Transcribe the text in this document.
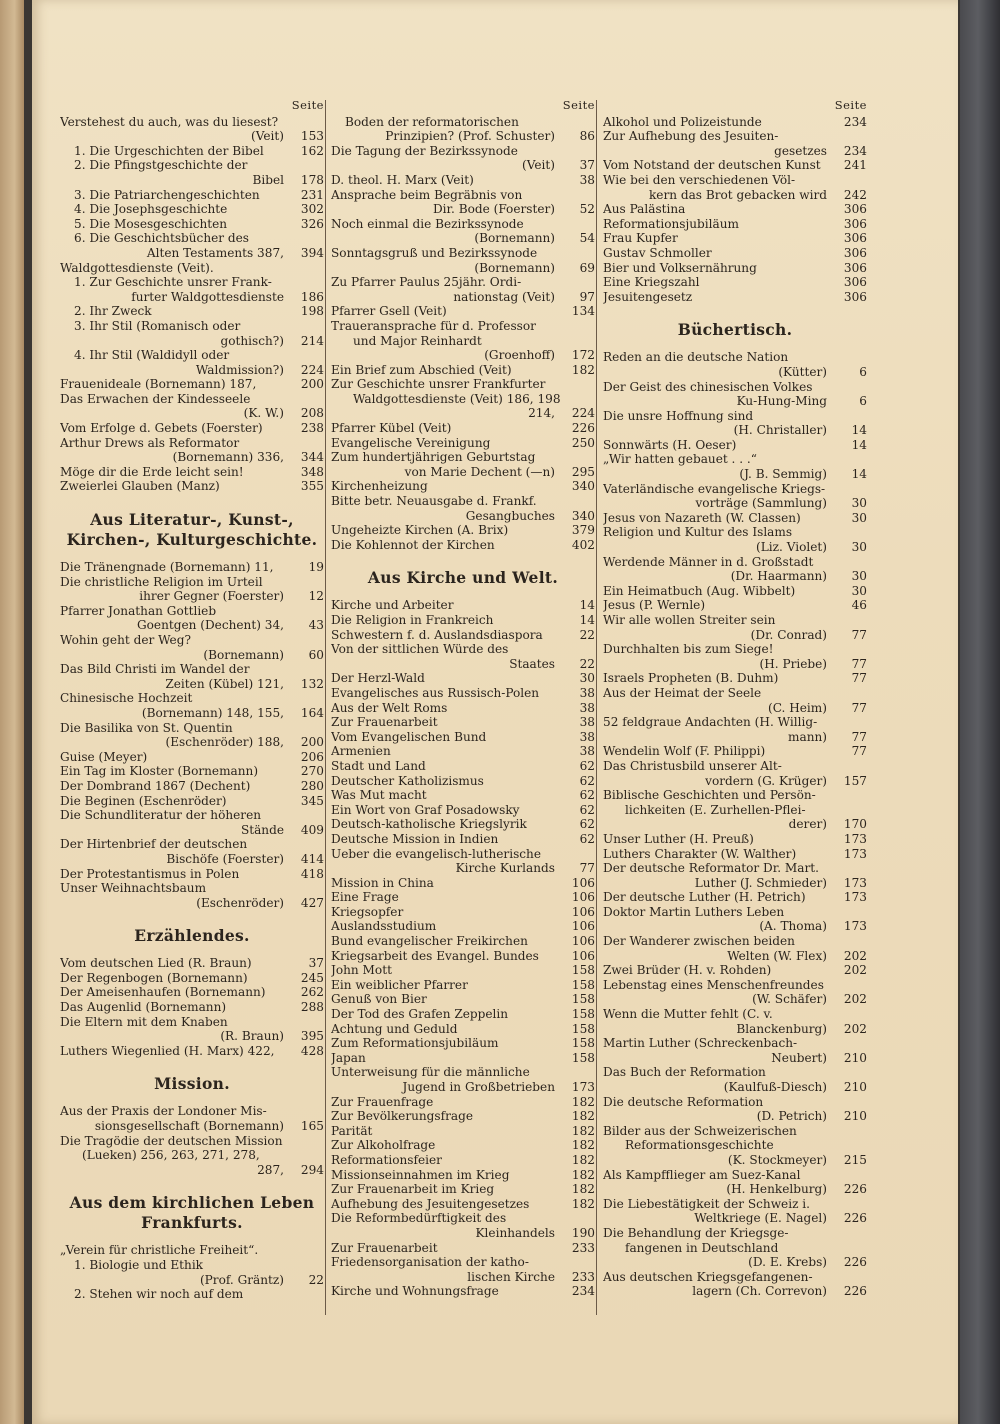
Seite
Verstehest du auch, was du liesest?
(Veit)	153
1. Die Urgeschichten der Bibel	162
2. Die Pfingstgeschichte der
Bibel	178
3. Die Patriarchengeschichten	231
4. Die Josephsgeschichte	302
5. Die Mosesgeschichten	326
6. Die Geschichtsbücher des
Alten Testaments 387,	394
Waldgottesdienste (Veit).
1. Zur Geschichte unsrer Frank-
furter Waldgottesdienste	186
2. Ihr Zweck	198
3. Ihr Stil (Romanisch oder
gothisch?)	214
4. Ihr Stil (Waldidyll oder
Waldmission?)	224
Frauenideale (Bornemann) 187,	200
Das Erwachen der Kindesseele
(K. W.)	208
Vom Erfolge d. Gebets (Foerster)	238
Arthur Drews als Reformator
(Bornemann) 336,	344
Möge dir die Erde leicht sein!	348
Zweierlei Glauben (Manz)	355
Aus Literatur-, Kunst-,
Kirchen-, Kulturgeschichte.
Die Tränengnade (Bornemann) 11,	19
Die christliche Religion im Urteil
ihrer Gegner (Foerster)	12
Pfarrer Jonathan Gottlieb
Goentgen (Dechent) 34,	43
Wohin geht der Weg?
(Bornemann)	60
Das Bild Christi im Wandel der
Zeiten (Kübel) 121,	132
Chinesische Hochzeit
(Bornemann) 148, 155,	164
Die Basilika von St. Quentin
(Eschenröder) 188,	200
Guise (Meyer)	206
Ein Tag im Kloster (Bornemann)	270
Der Dombrand 1867 (Dechent)	280
Die Beginen (Eschenröder)	345
Die Schundliteratur der höheren
Stände	409
Der Hirtenbrief der deutschen
Bischöfe (Foerster)	414
Der Protestantismus in Polen	418
Unser Weihnachtsbaum
(Eschenröder)	427
Erzählendes.
Vom deutschen Lied (R. Braun)	37
Der Regenbogen (Bornemann)	245
Der Ameisenhaufen (Bornemann)	262
Das Augenlid (Bornemann)	288
Die Eltern mit dem Knaben
(R. Braun)	395
Luthers Wiegenlied (H. Marx) 422,	428
Mission.
Aus der Praxis der Londoner Mis-
sionsgesellschaft (Bornemann)	165
Die Tragödie der deutschen Mission
(Lueken) 256, 263, 271, 278,
287,	294
Aus dem kirchlichen Leben
Frankfurts.
„Verein für christliche Freiheit“.
1. Biologie und Ethik
(Prof. Gräntz)	22
2. Stehen wir noch auf dem
Seite
Boden der reformatorischen
Prinzipien? (Prof. Schuster)	86
Die Tagung der Bezirkssynode
(Veit)	37
D. theol. H. Marx (Veit)	38
Ansprache beim Begräbnis von
Dir. Bode (Foerster)	52
Noch einmal die Bezirkssynode
(Bornemann)	54
Sonntagsgruß und Bezirkssynode
(Bornemann)	69
Zu Pfarrer Paulus 25jähr. Ordi-
nationstag (Veit)	97
Pfarrer Gsell (Veit)	134
Traueransprache für d. Professor
und Major Reinhardt
(Groenhoff)	172
Ein Brief zum Abschied (Veit)	182
Zur Geschichte unsrer Frankfurter
Waldgottesdienste (Veit) 186, 198
214,	224
Pfarrer Kübel (Veit)	226
Evangelische Vereinigung	250
Zum hundertjährigen Geburtstag
von Marie Dechent (—n)	295
Kirchenheizung	340
Bitte betr. Neuausgabe d. Frankf.
Gesangbuches	340
Ungeheizte Kirchen (A. Brix)	379
Die Kohlennot der Kirchen	402
Aus Kirche und Welt.
Kirche und Arbeiter	14
Die Religion in Frankreich	14
Schwestern f. d. Auslandsdiaspora	22
Von der sittlichen Würde des
Staates	22
Der Herzl-Wald	30
Evangelisches aus Russisch-Polen	38
Aus der Welt Roms	38
Zur Frauenarbeit	38
Vom Evangelischen Bund	38
Armenien	38
Stadt und Land	62
Deutscher Katholizismus	62
Was Mut macht	62
Ein Wort von Graf Posadowsky	62
Deutsch-katholische Kriegslyrik	62
Deutsche Mission in Indien	62
Ueber die evangelisch-lutherische
Kirche Kurlands	77
Mission in China	106
Eine Frage	106
Kriegsopfer	106
Auslandsstudium	106
Bund evangelischer Freikirchen	106
Kriegsarbeit des Evangel. Bundes	106
John Mott	158
Ein weiblicher Pfarrer	158
Genuß von Bier	158
Der Tod des Grafen Zeppelin	158
Achtung und Geduld	158
Zum Reformationsjubiläum	158
Japan	158
Unterweisung für die männliche
Jugend in Großbetrieben	173
Zur Frauenfrage	182
Zur Bevölkerungsfrage	182
Parität	182
Zur Alkoholfrage	182
Reformationsfeier	182
Missionseinnahmen im Krieg	182
Zur Frauenarbeit im Krieg	182
Aufhebung des Jesuitengesetzes	182
Die Reformbedürftigkeit des
Kleinhandels	190
Zur Frauenarbeit	233
Friedensorganisation der katho-
lischen Kirche	233
Kirche und Wohnungsfrage	234
Seite
Alkohol und Polizeistunde	234
Zur Aufhebung des Jesuiten-
gesetzes	234
Vom Notstand der deutschen Kunst	241
Wie bei den verschiedenen Völ-
kern das Brot gebacken wird	242
Aus Palästina	306
Reformationsjubiläum	306
Frau Kupfer	306
Gustav Schmoller	306
Bier und Volksernährung	306
Eine Kriegszahl	306
Jesuitengesetz	306
Büchertisch.
Reden an die deutsche Nation
(Kütter)	6
Der Geist des chinesischen Volkes
Ku-Hung-Ming	6
Die unsre Hoffnung sind
(H. Christaller)	14
Sonnwärts (H. Oeser)	14
„Wir hatten gebauet . . .“
(J. B. Semmig)	14
Vaterländische evangelische Kriegs-
vorträge (Sammlung)	30
Jesus von Nazareth (W. Classen)	30
Religion und Kultur des Islams
(Liz. Violet)	30
Werdende Männer in d. Großstadt
(Dr. Haarmann)	30
Ein Heimatbuch (Aug. Wibbelt)	30
Jesus (P. Wernle)	46
Wir alle wollen Streiter sein
(Dr. Conrad)	77
Durchhalten bis zum Siege!
(H. Priebe)	77
Israels Propheten (B. Duhm)	77
Aus der Heimat der Seele
(C. Heim)	77
52 feldgraue Andachten (H. Willig-
mann)	77
Wendelin Wolf (F. Philippi)	77
Das Christusbild unserer Alt-
vordern (G. Krüger)	157
Biblische Geschichten und Persön-
lichkeiten (E. Zurhellen-Pflei-
derer)	170
Unser Luther (H. Preuß)	173
Luthers Charakter (W. Walther)	173
Der deutsche Reformator Dr. Mart.
Luther (J. Schmieder)	173
Der deutsche Luther (H. Petrich)	173
Doktor Martin Luthers Leben
(A. Thoma)	173
Der Wanderer zwischen beiden
Welten (W. Flex)	202
Zwei Brüder (H. v. Rohden)	202
Lebenstag eines Menschenfreundes
(W. Schäfer)	202
Wenn die Mutter fehlt (C. v.
Blanckenburg)	202
Martin Luther (Schreckenbach-
Neubert)	210
Das Buch der Reformation
(Kaulfuß-Diesch)	210
Die deutsche Reformation
(D. Petrich)	210
Bilder aus der Schweizerischen
Reformationsgeschichte
(K. Stockmeyer)	215
Als Kampfflieger am Suez-Kanal
(H. Henkelburg)	226
Die Liebestätigkeit der Schweiz i.
Weltkriege (E. Nagel)	226
Die Behandlung der Kriegsge-
fangenen in Deutschland
(D. E. Krebs)	226
Aus deutschen Kriegsgefangenen-
lagern (Ch. Correvon)	226
